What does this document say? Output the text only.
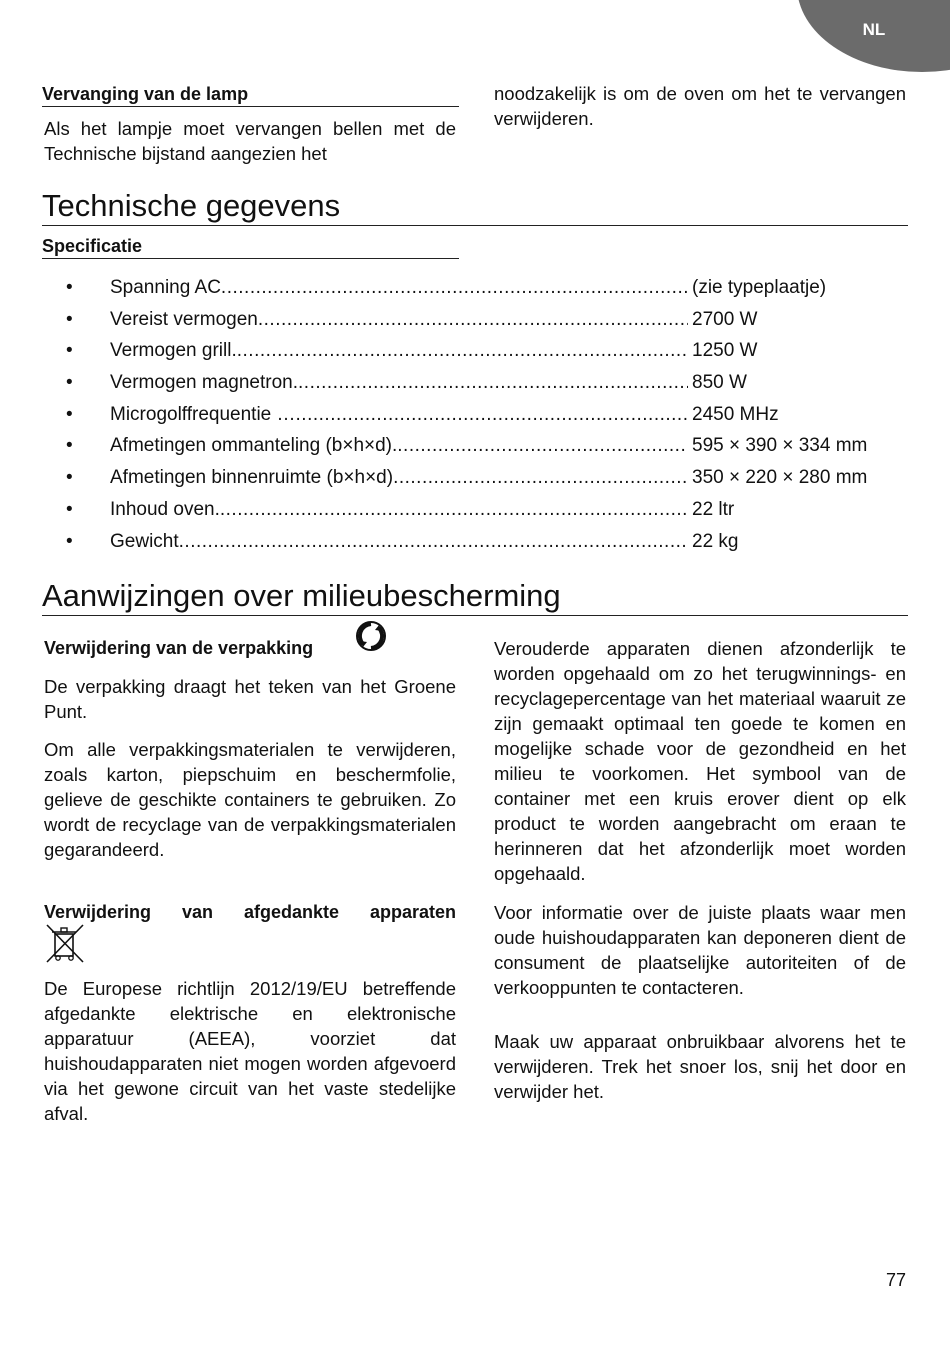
NL
Vervanging van de lamp

Als het lampje moet vervangen bellen met de Technische bijstand aangezien het

noodzakelijk is om de oven om het te vervangen verwijderen.

Technische gegevens
Specificatie
• Spanning AC .....	(zie typeplaatje)
• Vereist vermogen .....	2700 W
• Vermogen grill. .....	1250 W
• Vermogen magnetron. .....	850 W
• Microgolffrequentie … .....	2450 MHz
• Afmetingen ommanteling (b×h×d). .....	595 × 390 × 334 mm
• Afmetingen binnenruimte (b×h×d) .....	350 × 220 × 280 mm
• Inhoud oven. .....	22 ltr
• Gewicht .....	22 kg
Aanwijzingen over milieubescherming
Verwijdering van de verpakking

De verpakking draagt het teken van het Groene Punt.

Om alle verpakkingsmaterialen te verwijderen, zoals karton, piepschuim en beschermfolie, gelieve de geschikte containers te gebruiken. Zo wordt de recyclage van de verpakkingsmaterialen gegarandeerd.

Verwijdering van afgedankte apparaten

De Europese richtlijn 2012/19/EU betreffende afgedankte elektrische en elektronische apparatuur (AEEA), voorziet dat huishoudapparaten niet mogen worden afgevoerd via het gewone circuit van het vaste stedelijke afval.

Verouderde apparaten dienen afzonderlijk te worden opgehaald om zo het terugwinnings- en recyclagepercentage van het materiaal waaruit ze zijn gemaakt optimaal ten goede te komen en mogelijke schade voor de gezondheid en het milieu te voorkomen. Het symbool van de container met een kruis erover dient op elk product te worden aangebracht om eraan te herinneren dat het afzonderlijk moet worden opgehaald.

Voor informatie over de juiste plaats waar men oude huishoudapparaten kan deponeren dient de consument de plaatselijke autoriteiten of de verkooppunten te contacteren.

Maak uw apparaat onbruikbaar alvorens het te verwijderen. Trek het snoer los, snij het door en verwijder het.

77
